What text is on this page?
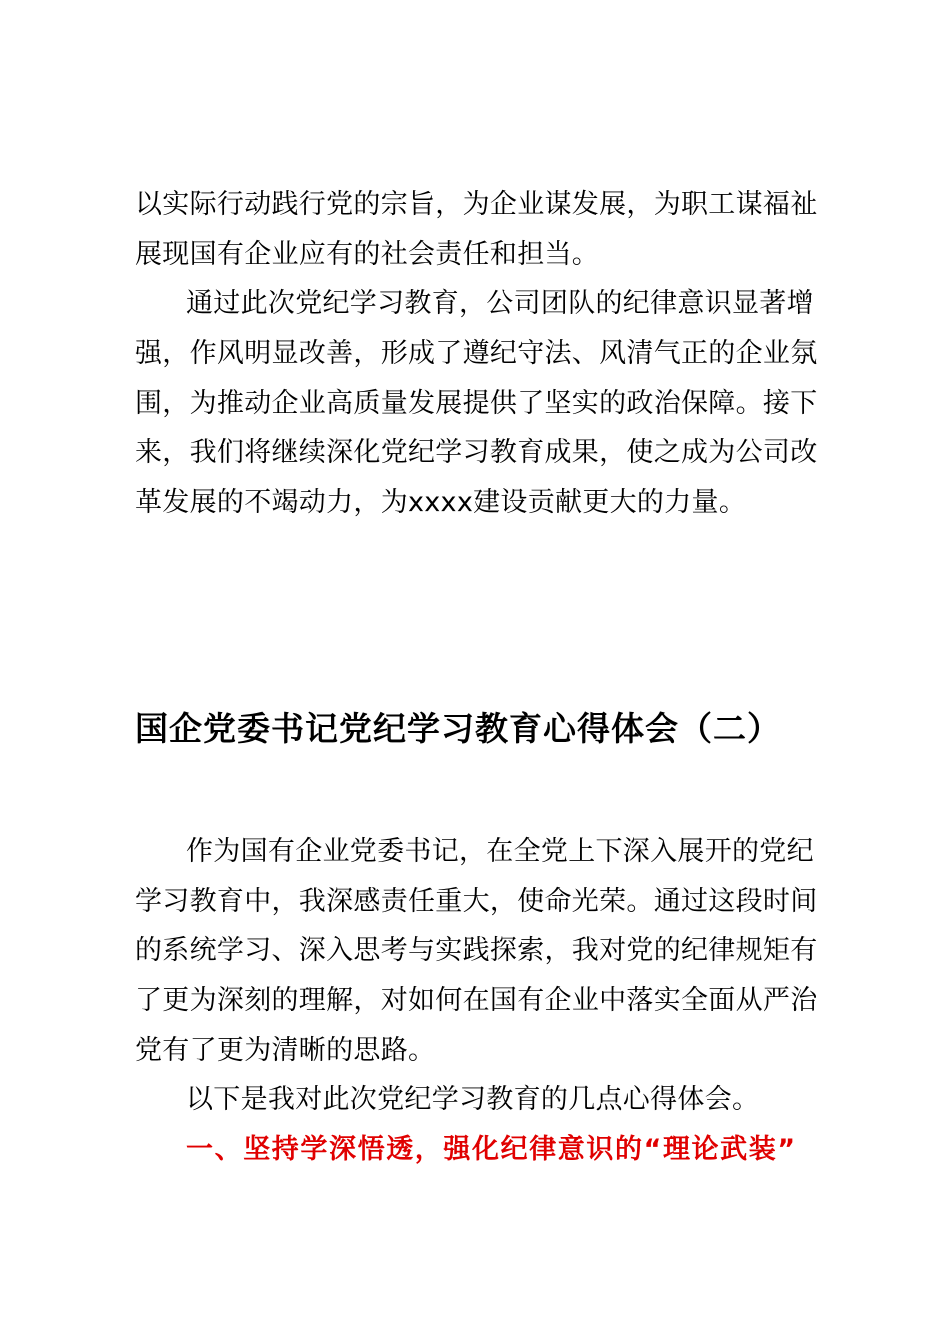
以实际行动践行党的宗旨，为企业谋发展，为职工谋福祉
展现国有企业应有的社会责任和担当。
通过此次党纪学习教育，公司团队的纪律意识显著增
强，作风明显改善，形成了遵纪守法、风清气正的企业氛
围，为推动企业高质量发展提供了坚实的政治保障。接下
来，我们将继续深化党纪学习教育成果，使之成为公司改
革发展的不竭动力，为xxxx建设贡献更大的力量。
国企党委书记党纪学习教育心得体会（二）
作为国有企业党委书记，在全党上下深入展开的党纪
学习教育中，我深感责任重大，使命光荣。通过这段时间
的系统学习、深入思考与实践探索，我对党的纪律规矩有
了更为深刻的理解，对如何在国有企业中落实全面从严治
党有了更为清晰的思路。
以下是我对此次党纪学习教育的几点心得体会。
一、坚持学深悟透，强化纪律意识的“理论武装”
